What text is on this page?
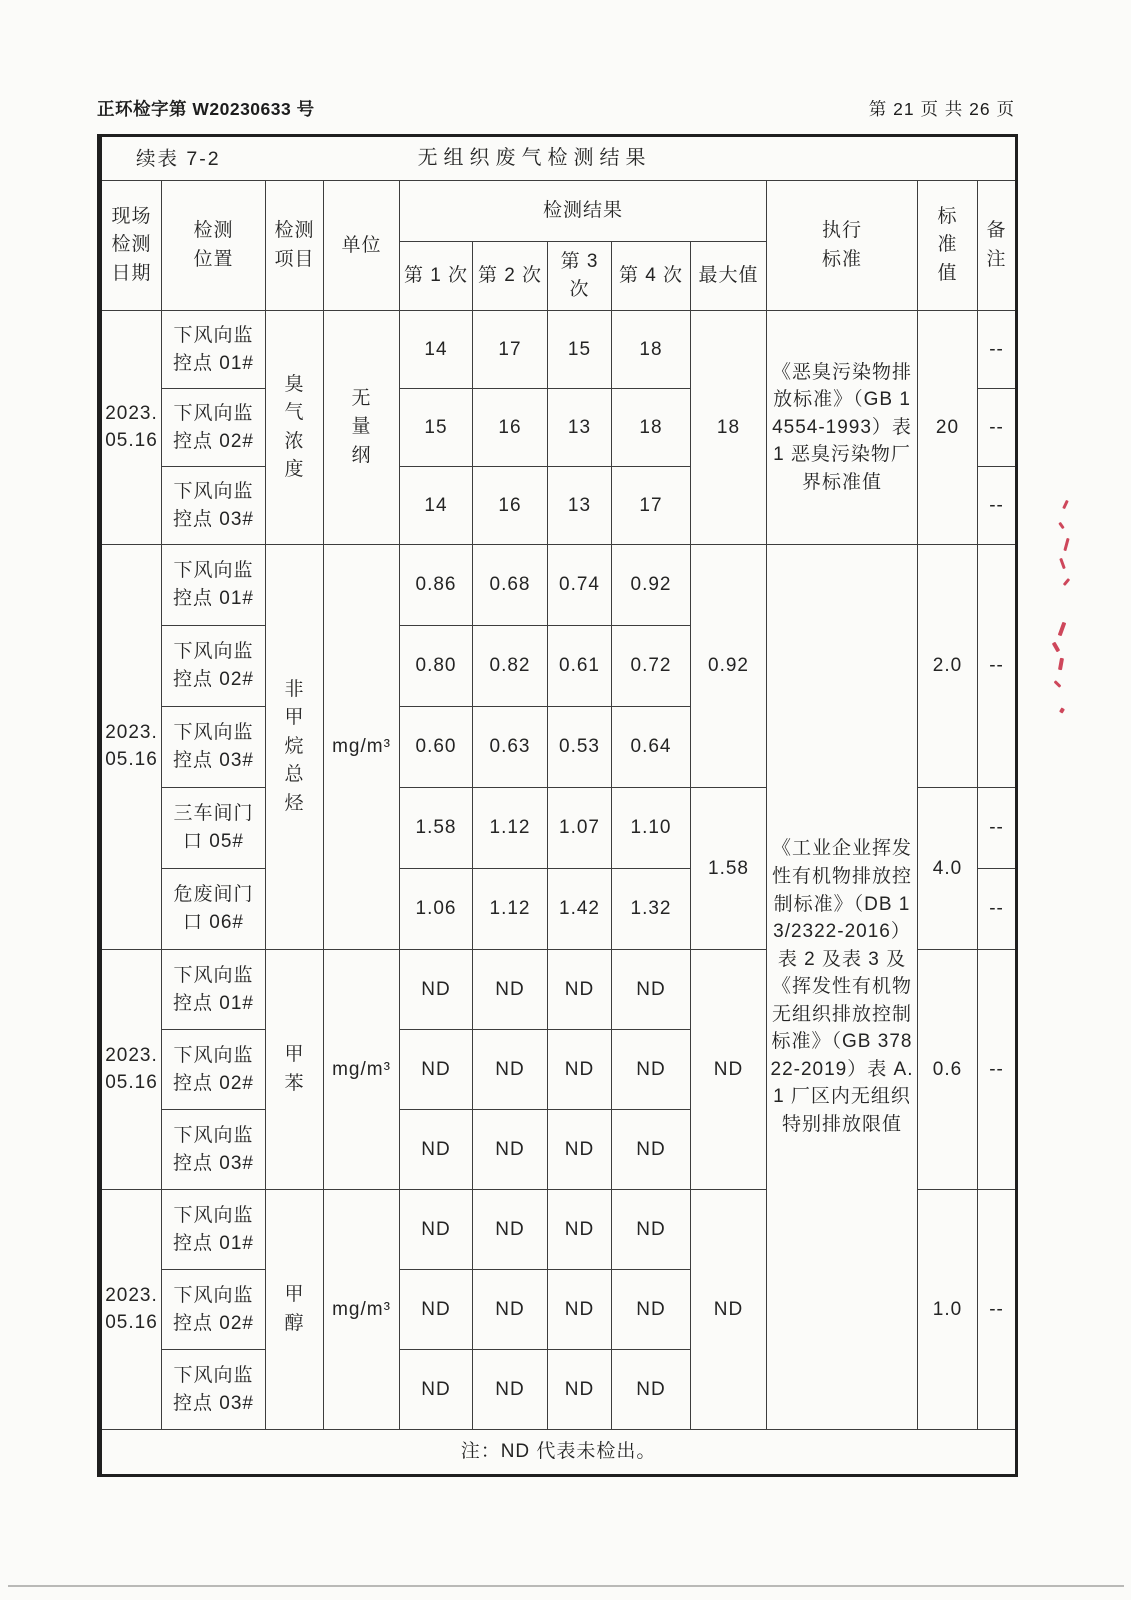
正环检字第 W20230633 号	第 21 页 共 26 页
续表 7-2 无组织废气检测结果											
现场检测日期	检测位置	检测项目	单位	检测结果					执行标准	标准值	备注
				第 1 次	第 2 次	第 3 次	第 4 次	最大值			
2023.05.16	下风向监控点 01#	臭气浓度	无量纲	14	17	15	18	18	《恶臭污染物排放标准》（GB 14554-1993）表 1 恶臭污染物厂界标准值	20	--
	下风向监控点 02#			15	16	13	18				--
	下风向监控点 03#			14	16	13	17				--
2023.05.16	下风向监控点 01#	非甲烷总烃	mg/m³	0.86	0.68	0.74	0.92	0.92	《工业企业挥发性有机物排放控制标准》（DB 13/2322-2016）表 2 及表 3 及《挥发性有机物无组织排放控制标准》（GB 37822-2019）表 A.1 厂区内无组织特别排放限值	2.0	--
	下风向监控点 02#			0.80	0.82	0.61	0.72				
	下风向监控点 03#			0.60	0.63	0.53	0.64				
	三车间门口 05#			1.58	1.12	1.07	1.10	1.58		4.0	--
	危废间门口 06#			1.06	1.12	1.42	1.32				--
2023.05.16	下风向监控点 01#	甲苯	mg/m³	ND	ND	ND	ND	ND		0.6	--
	下风向监控点 02#			ND	ND	ND	ND				
	下风向监控点 03#			ND	ND	ND	ND				
2023.05.16	下风向监控点 01#	甲醇	mg/m³	ND	ND	ND	ND	ND		1.0	--
	下风向监控点 02#			ND	ND	ND	ND				
	下风向监控点 03#			ND	ND	ND	ND				
注：ND 代表未检出。											
